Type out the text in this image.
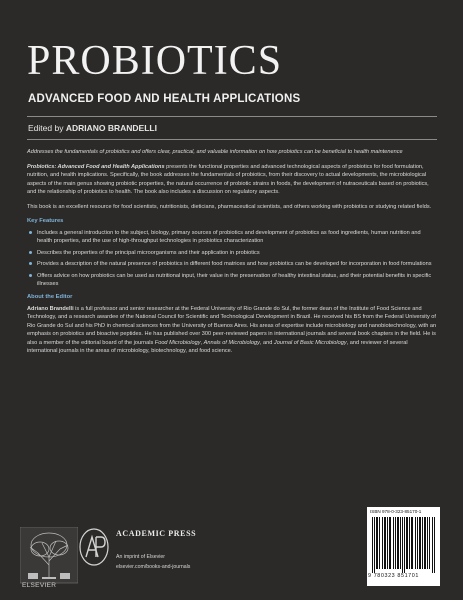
PROBIOTICS
ADVANCED FOOD AND HEALTH APPLICATIONS
Edited by ADRIANO BRANDELLI

Addresses the fundamentals of probiotics and offers clear, practical, and valuable information on how probiotics can be beneficial to health maintenence

Probiotics: Advanced Food and Health Applications presents the functional properties and advanced technological aspects of probiotics for food formulation, nutrition, and health implications. Specifically, the book addresses the fundamentals of probiotics, from their discovery to actual developments, the microbiological aspects of the main genus showing probiotic properties, the natural occurrence of probiotic strains in foods, the development of nutraceuticals based on probiotics, and the relationship of probiotics to health. The book also includes a discussion on regulatory aspects.

This book is an excellent resource for food scientists, nutritionists, dieticians, pharmaceutical scientists, and others working with probiotics or studying related fields.

Key Features
Includes a general introduction to the subject, biology, primary sources of probiotics and development of probiotics as food ingredients, human nutrition and health properties, and the use of high-throughput technologies in probiotics characterization
Describes the properties of the principal microorganisms and their application in probiotics
Provides a description of the natural presence of probiotics in different food matrices and how probiotics can be developed for incorporation in food formulations
Offers advice on how probiotics can be used as nutritional input, their value in the preservation of healthy intestinal status, and their potential benefits in specific illnesses
About the Editor

Adriano Brandelli is a full professor and senior researcher at the Federal University of Rio Grande do Sul, the former dean of the Institute of Food Science and Technology, and a research awardee of the National Council for Scientific and Technological Development in Brazil. He received his BS from the Federal University of Rio Grande do Sul and his PhD in chemical sciences from the University of Buenos Aires. His areas of expertise include microbiology and nanobiotechnology, with an emphasis on probiotics and bioactive peptides. He has published over 300 peer-reviewed papers in international journals and several book chapters in the field. He is also a member of the editorial board of the journals Food Microbiology, Annals of Microbiology, and Journal of Basic Microbiology, and reviewer of several international journals in the areas of microbiology, biotechnology, and food science.

ELSEVIER
ACADEMIC PRESS
An imprint of Elsevier
elsevier.com/books-and-journals
ISBN 978-0-323-85170-1
9 780323 851701
